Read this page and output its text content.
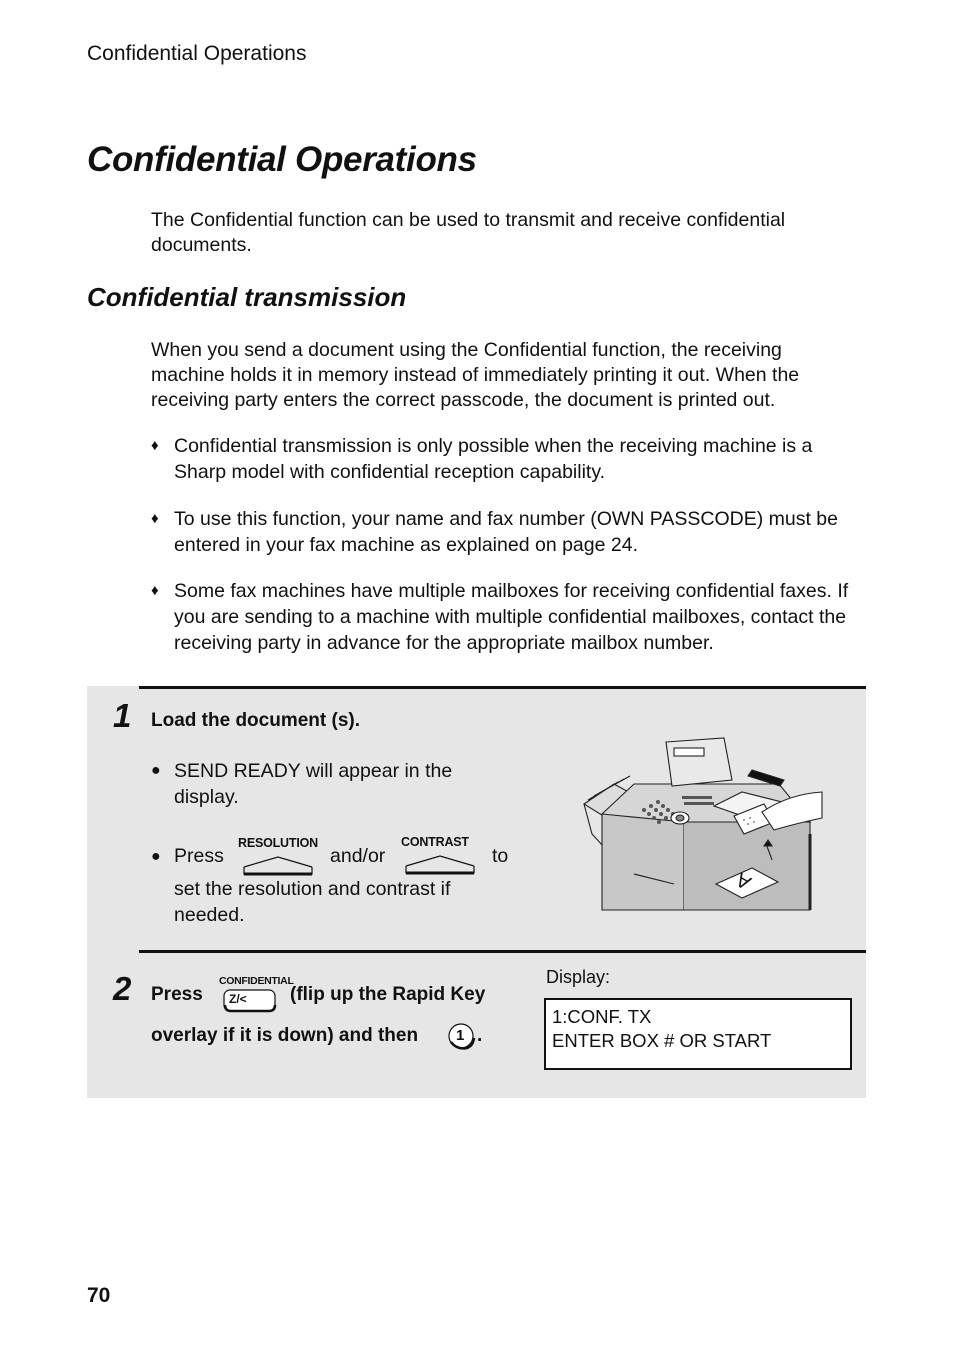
Confidential Operations
Confidential Operations
The Confidential function can be used to transmit and receive confidential documents.
Confidential transmission
When you send a document using the Confidential function, the receiving machine holds it in memory instead of immediately printing it out. When the receiving party enters the correct passcode, the document is printed out.
♦ Confidential transmission is only possible when the receiving machine is a Sharp model with confidential reception capability.
♦ To use this function, your name and fax number (OWN PASSCODE) must be entered in your fax machine as explained on page 24.
♦ Some fax machines have multiple mailboxes for receiving confidential faxes. If you are sending to a machine with multiple confidential mailboxes, contact the receiving party in advance for the appropriate mailbox number.
1 Load the document (s).
● SEND READY will appear in the display.
● Press
RESOLUTION
and/or
CONTRAST
to
set the resolution and contrast if needed.
A
2 Press
CONFIDENTIAL
Z/< (flip up the Rapid Key
overlay if it is down) and then	1 .
Display:
1:CONF. TX
ENTER BOX # OR START
70
